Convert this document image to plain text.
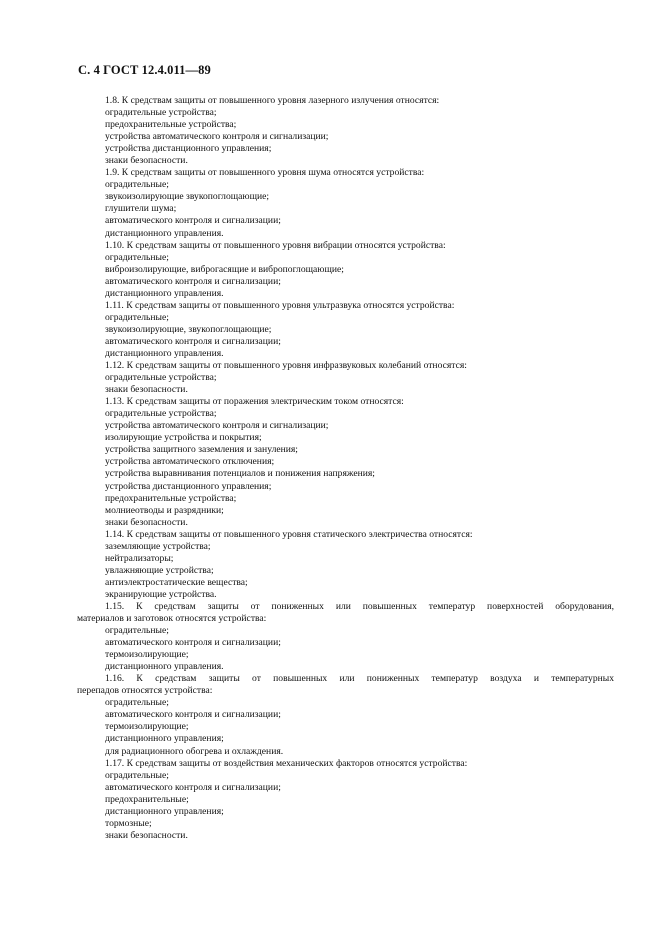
С. 4 ГОСТ 12.4.011—89
1.8. К средствам защиты от повышенного уровня лазерного излучения относятся:
оградительные устройства;
предохранительные устройства;
устройства автоматического контроля и сигнализации;
устройства дистанционного управления;
знаки безопасности.
1.9. К средствам защиты от повышенного уровня шума относятся устройства:
оградительные;
звукоизолирующие звукопоглощающие;
глушители шума;
автоматического контроля и сигнализации;
дистанционного управления.
1.10. К средствам защиты от повышенного уровня вибрации относятся устройства:
оградительные;
виброизолирующие, виброгасящие и вибропоглощающие;
автоматического контроля и сигнализации;
дистанционного управления.
1.11. К средствам защиты от повышенного уровня ультразвука относятся устройства:
оградительные;
звукоизолирующие, звукопоглощающие;
автоматического контроля и сигнализации;
дистанционного управления.
1.12. К средствам защиты от повышенного уровня инфразвуковых колебаний относятся:
оградительные устройства;
знаки безопасности.
1.13. К средствам защиты от поражения электрическим током относятся:
оградительные устройства;
устройства автоматического контроля и сигнализации;
изолирующие устройства и покрытия;
устройства защитного заземления и зануления;
устройства автоматического отключения;
устройства выравнивания потенциалов и понижения напряжения;
устройства дистанционного управления;
предохранительные устройства;
молниеотводы и разрядники;
знаки безопасности.
1.14. К средствам защиты от повышенного уровня статического электричества относятся:
заземляющие устройства;
нейтрализаторы;
увлажняющие устройства;
антиэлектростатические вещества;
экранирующие устройства.
1.15. К средствам защиты от пониженных или повышенных температур поверхностей оборудования,
материалов и заготовок относятся устройства:
оградительные;
автоматического контроля и сигнализации;
термоизолирующие;
дистанционного управления.
1.16. К средствам защиты от повышенных или пониженных температур воздуха и температурных
перепадов относятся устройства:
оградительные;
автоматического контроля и сигнализации;
термоизолирующие;
дистанционного управления;
для радиационного обогрева и охлаждения.
1.17. К средствам защиты от воздействия механических факторов относятся устройства:
оградительные;
автоматического контроля и сигнализации;
предохранительные;
дистанционного управления;
тормозные;
знаки безопасности.
